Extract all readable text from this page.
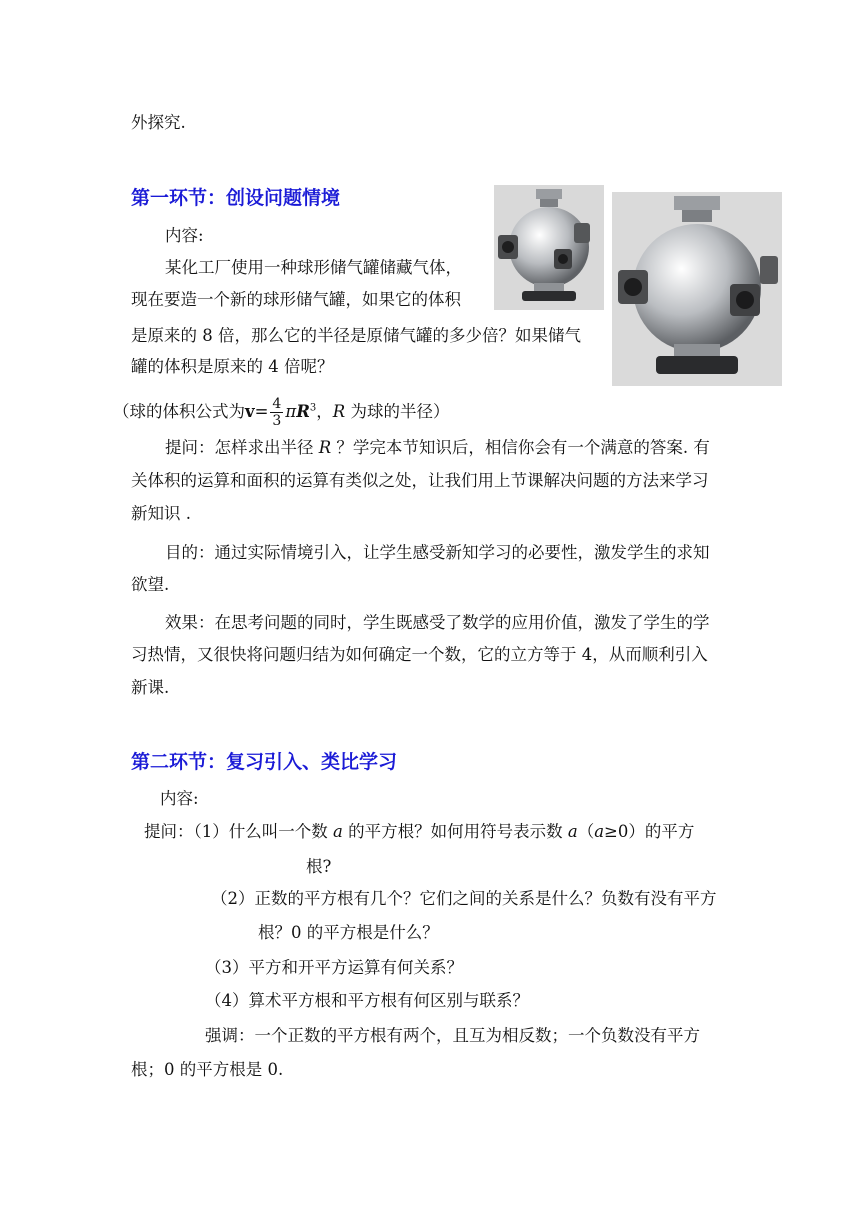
外探究.
第一环节：创设问题情境
内容:
某化工厂使用一种球形储气罐储藏气体，
现在要造一个新的球形储气罐，如果它的体积
是原来的 8 倍，那么它的半径是原储气罐的多少倍？如果储气
罐的体积是原来的 4 倍呢？
（球的体积公式为$v= \frac{4}{3} \pi R^3$，R 为球的半径）
提问：怎样求出半径 R ？学完本节知识后，相信你会有一个满意的答案. 有
关体积的运算和面积的运算有类似之处，让我们用上节课解决问题的方法来学习
新知识 .
目的：通过实际情境引入，让学生感受新知学习的必要性，激发学生的求知
欲望.
效果：在思考问题的同时，学生既感受了数学的应用价值，激发了学生的学
习热情，又很快将问题归结为如何确定一个数，它的立方等于 4，从而顺利引入
新课.
第二环节：复习引入、类比学习
内容:
提问：（1）什么叫一个数 a 的平方根？如何用符号表示数 a（a≥0）的平方
根?
（2）正数的平方根有几个？它们之间的关系是什么？负数有没有平方
根？0 的平方根是什么？
（3）平方和开平方运算有何关系？
（4）算术平方根和平方根有何区别与联系？
强调：一个正数的平方根有两个，且互为相反数；一个负数没有平方
根；0 的平方根是 0.
